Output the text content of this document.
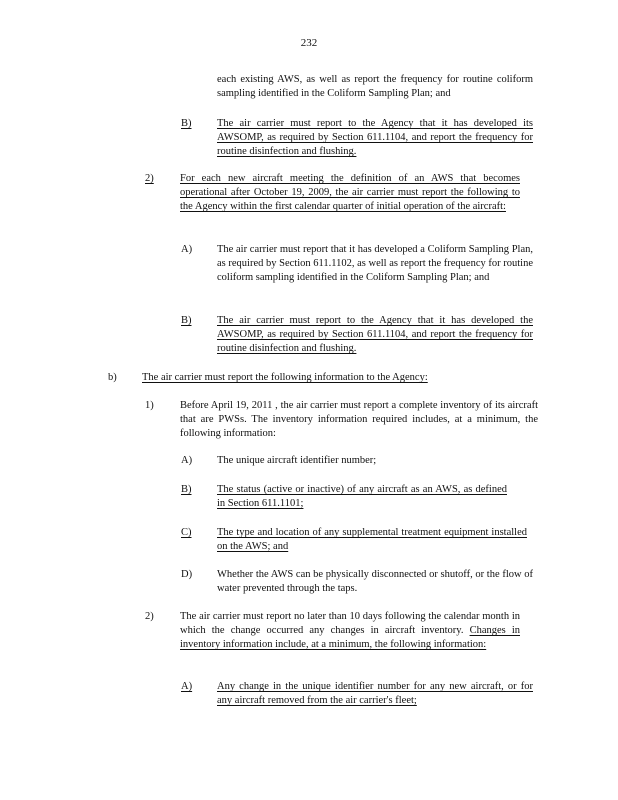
232
each existing AWS, as well as report the frequency for routine coliform sampling identified in the Coliform Sampling Plan; and
B) The air carrier must report to the Agency that it has developed its AWSOMP, as required by Section 611.1104, and report the frequency for routine disinfection and flushing.
2)	For each new aircraft meeting the definition of an AWS that becomes operational after October 19, 2009, the air carrier must report the following to the Agency within the first calendar quarter of initial operation of the aircraft:
A) The air carrier must report that it has developed a Coliform Sampling Plan, as required by Section 611.1102, as well as report the frequency for routine coliform sampling identified in the Coliform Sampling Plan; and
B) The air carrier must report to the Agency that it has developed the AWSOMP, as required by Section 611.1104, and report the frequency for routine disinfection and flushing.
b) The air carrier must report the following information to the Agency:
1)	Before April 19, 2011 , the air carrier must report a complete inventory of its aircraft that are PWSs. The inventory information required includes, at a minimum, the following information:
A) The unique aircraft identifier number;
B) The status (active or inactive) of any aircraft as an AWS, as defined in Section 611.1101;
C) The type and location of any supplemental treatment equipment installed on the AWS; and
D) Whether the AWS can be physically disconnected or shutoff, or the flow of water prevented through the taps.
2)	The air carrier must report no later than 10 days following the calendar month in which the change occurred any changes in aircraft inventory. Changes in inventory information include, at a minimum, the following information:
A) Any change in the unique identifier number for any new aircraft, or for any aircraft removed from the air carrier's fleet;
